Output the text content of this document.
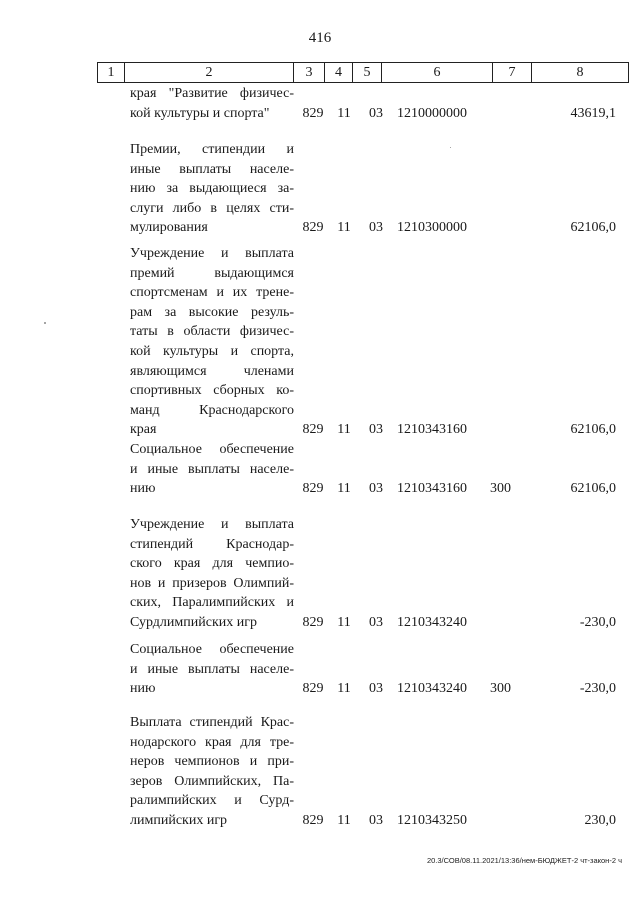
416
1	2	3	4	5	6	7	8
края "Развитие физичес-
кой культуры и спорта"	829 11 03 1210000000	43619,1
Премии, стипендии и
иные выплаты населе-
нию за выдающиеся за-
слуги либо в целях сти-
мулирования	829 11 03 1210300000	62106,0
Учреждение и выплата
премий выдающимся
спортсменам и их трене-
рам за высокие резуль-
таты в области физичес-
кой культуры и спорта,
являющимся членами
спортивных сборных ко-
манд Краснодарского
края	829 11 03 1210343160	62106,0
Социальное обеспечение
и иные выплаты населе-
нию	829 11 03 1210343160	300	62106,0
Учреждение и выплата
стипендий Краснодар-
ского края для чемпио-
нов и призеров Олимпий-
ских, Паралимпийских и
Сурдлимпийских игр	829 11 03 1210343240	-230,0
Социальное обеспечение
и иные выплаты населе-
нию	829 11 03 1210343240	300	-230,0
Выплата стипендий Крас-
нодарского края для тре-
неров чемпионов и при-
зеров Олимпийских, Па-
ралимпийских и Сурд-
лимпийских игр	829 11 03 1210343250	230,0
20.3/СОВ/08.11.2021/13:36/нем-БЮДЖЕТ-2 чт-закон-2 ч
